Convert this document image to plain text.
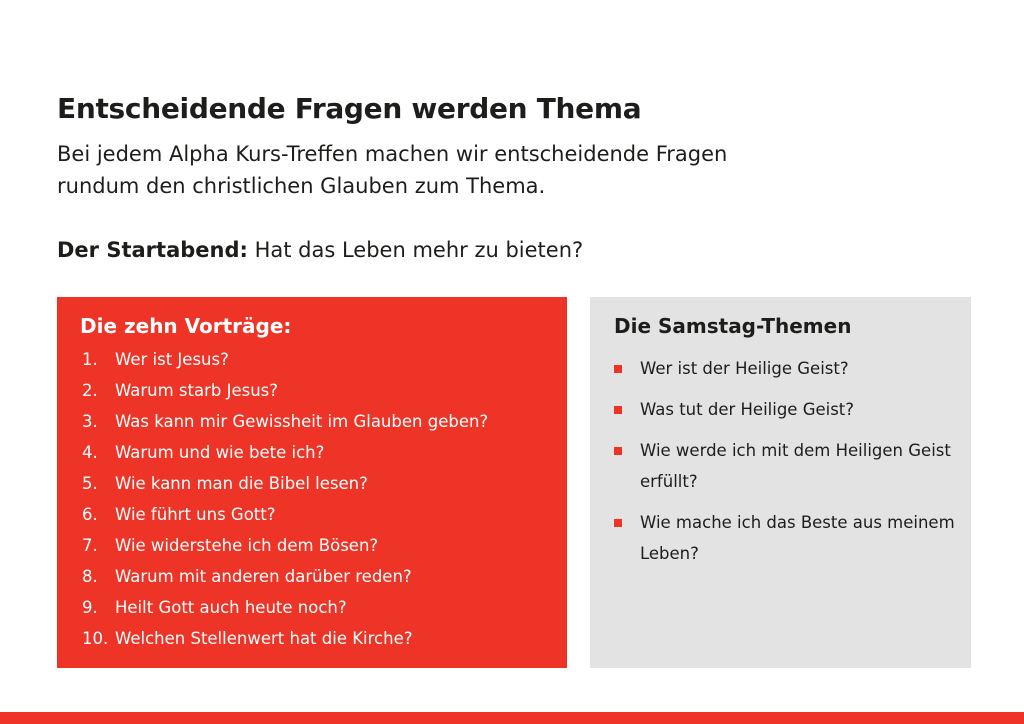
Entscheidende Fragen werden Thema
Bei jedem Alpha Kurs-Treffen machen wir entscheidende Fragen
rundum den christlichen Glauben zum Thema.
Der Startabend: Hat das Leben mehr zu bieten?
Die zehn Vorträge:
1.	Wer ist Jesus?
2.	Warum starb Jesus?
3.	Was kann mir Gewissheit im Glauben geben?
4.	Warum und wie bete ich?
5.	Wie kann man die Bibel lesen?
6.	Wie führt uns Gott?
7.	Wie widerstehe ich dem Bösen?
8.	Warum mit anderen darüber reden?
9.	Heilt Gott auch heute noch?
10. Welchen Stellenwert hat die Kirche?
Die Samstag-Themen
Wer ist der Heilige Geist?
Was tut der Heilige Geist?
Wie werde ich mit dem Heiligen Geist erfüllt?
Wie mache ich das Beste aus meinem Leben?
